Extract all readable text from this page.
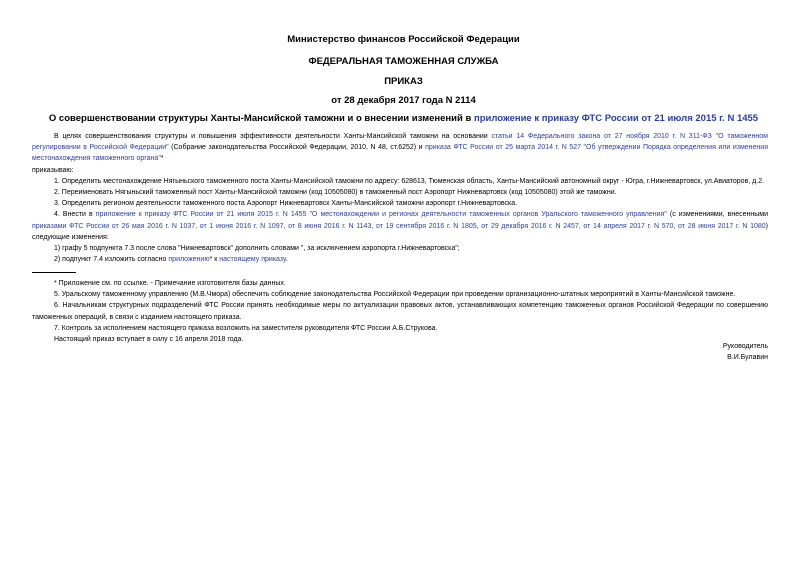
Министерство финансов Российской Федерации
ФЕДЕРАЛЬНАЯ ТАМОЖЕННАЯ СЛУЖБА
ПРИКАЗ
от 28 декабря 2017 года N 2114
О совершенствовании структуры Ханты-Мансийской таможни и о внесении изменений в приложение к приказу ФТС России от 21 июля 2015 г. N 1455

В целях совершенствования структуры и повышения эффективности деятельности Ханты-Мансийской таможни на основании статьи 14 Федерального закона от 27 ноября 2010 г. N 311-ФЗ "О таможенном регулировании в Российской Федерации" (Собрание законодательства Российской Федерации, 2010, N 48, ст.6252) и приказа ФТС России от 25 марта 2014 г. N 527 "Об утверждении Порядка определения или изменения местонахождения таможенного органа"*

приказываю:

1. Определить местонахождение Нягыньского таможенного поста Ханты-Мансийской таможни по адресу: 628613, Тюменская область, Ханты-Мансийский автономный округ - Югра, г.Нижневартовск, ул.Авиаторов, д.2.

2. Переименовать Нягыньский таможенный пост Ханты-Мансийской таможни (код 10505080) в таможенный пост Аэропорт Нижневартовск (код 10505080) этой же таможни.

3. Определить регионом деятельности таможенного поста Аэропорт Нижневартовск Ханты-Мансийской таможни аэропорт г.Нижневартовска.

4. Внести в приложение к приказу ФТС России от 21 июля 2015 г. N 1455 "О местонахождении и регионах деятельности таможенных органов Уральского таможенного управления" (с изменениями, внесенными приказами ФТС России от 26 мая 2016 г. N 1037, от 1 июня 2016 г. N 1097, от 8 июня 2016 г. N 1143, от 19 сентября 2016 г. N 1805, от 29 декабря 2016 г. N 2457, от 14 апреля 2017 г. N 570, от 28 июня 2017 г. N 1080) следующие изменения:

1) графу 5 подпункта 7.3 после слова "Нижневартовск" дополнить словами ", за исключением аэропорта г.Нижневартовска";

2) подпункт 7.4 изложить согласно приложению* к настоящему приказу.

* Приложение см. по ссылке. - Примечание изготовителя базы данных.

5. Уральскому таможенному управлению (М.В.Чмора) обеспечить соблюдение законодательства Российской Федерации при проведении организационно-штатных мероприятий в Ханты-Мансийской таможне.

6. Начальникам структурных подразделений ФТС России принять необходимые меры по актуализации правовых актов, устанавливающих компетенцию таможенных органов Российской Федерации по совершению таможенных операций, в связи с изданием настоящего приказа.

7. Контроль за исполнением настоящего приказа возложить на заместителя руководителя ФТС России А.Б.Струкова.

Настоящий приказ вступает в силу с 16 апреля 2018 года.

Руководитель
В.И.Булавин
